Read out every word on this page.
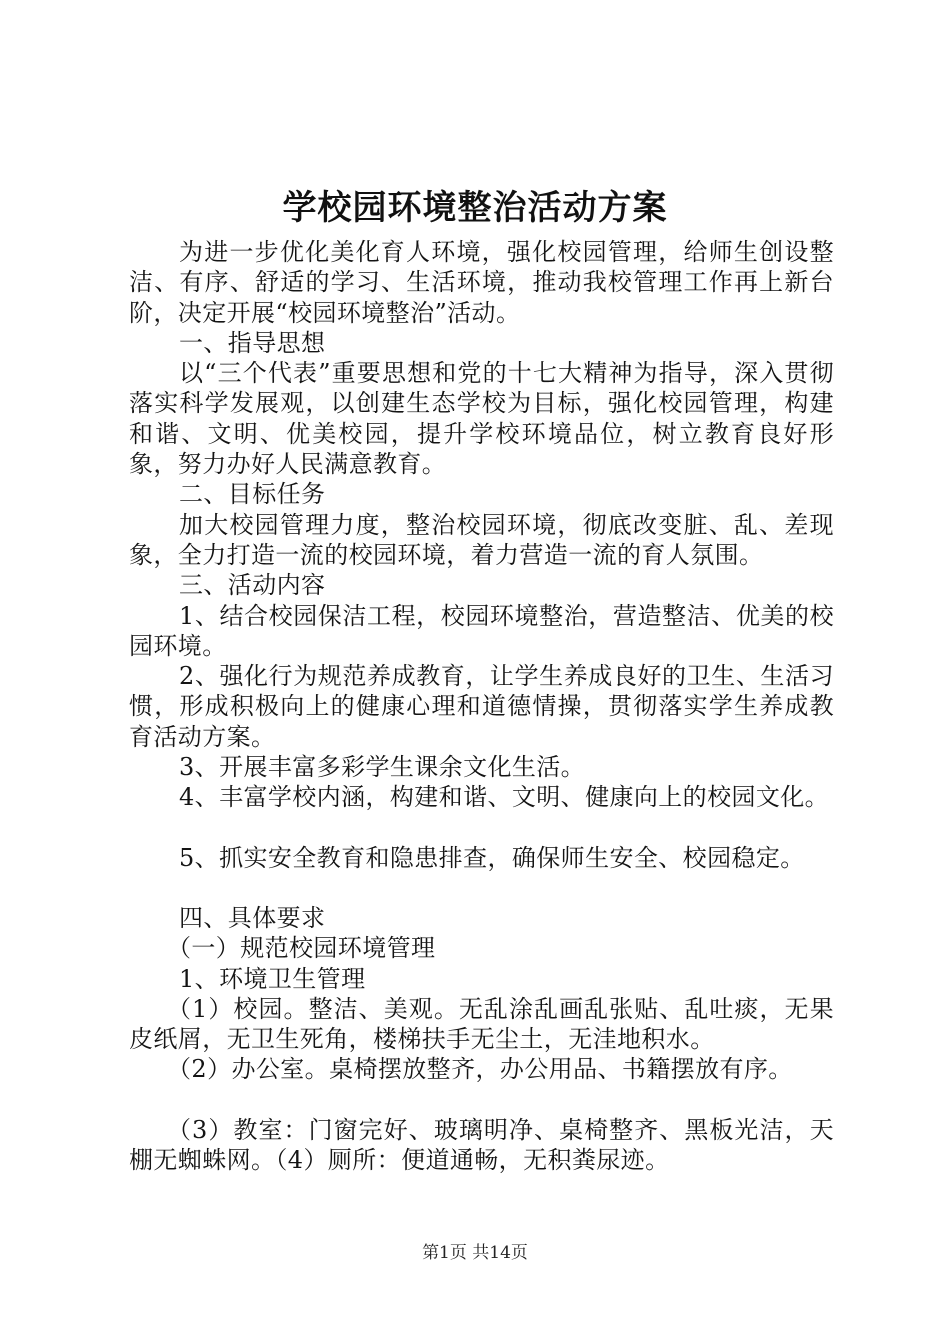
学校园环境整治活动方案

为进一步优化美化育人环境，强化校园管理，给师生创设整洁、有序、舒适的学习、生活环境，推动我校管理工作再上新台阶，决定开展“校园环境整治”活动。

一、指导思想

以“三个代表”重要思想和党的十七大精神为指导，深入贯彻落实科学发展观，以创建生态学校为目标，强化校园管理，构建和谐、文明、优美校园，提升学校环境品位，树立教育良好形象，努力办好人民满意教育。

二、目标任务

加大校园管理力度，整治校园环境，彻底改变脏、乱、差现象，全力打造一流的校园环境，着力营造一流的育人氛围。

三、活动内容

1、结合校园保洁工程，校园环境整治，营造整洁、优美的校园环境。

2、强化行为规范养成教育，让学生养成良好的卫生、生活习惯，形成积极向上的健康心理和道德情操，贯彻落实学生养成教育活动方案。

3、开展丰富多彩学生课余文化生活。

4、丰富学校内涵，构建和谐、文明、健康向上的校园文化。

5、抓实安全教育和隐患排查，确保师生安全、校园稳定。

四、具体要求

（一）规范校园环境管理

1、环境卫生管理

（1）校园。整洁、美观。无乱涂乱画乱张贴、乱吐痰，无果皮纸屑，无卫生死角，楼梯扶手无尘土，无洼地积水。

（2）办公室。桌椅摆放整齐，办公用品、书籍摆放有序。

（3）教室：门窗完好、玻璃明净、桌椅整齐、黑板光洁，天棚无蜘蛛网。（4）厕所：便道通畅，无积粪尿迹。

第1页 共14页
